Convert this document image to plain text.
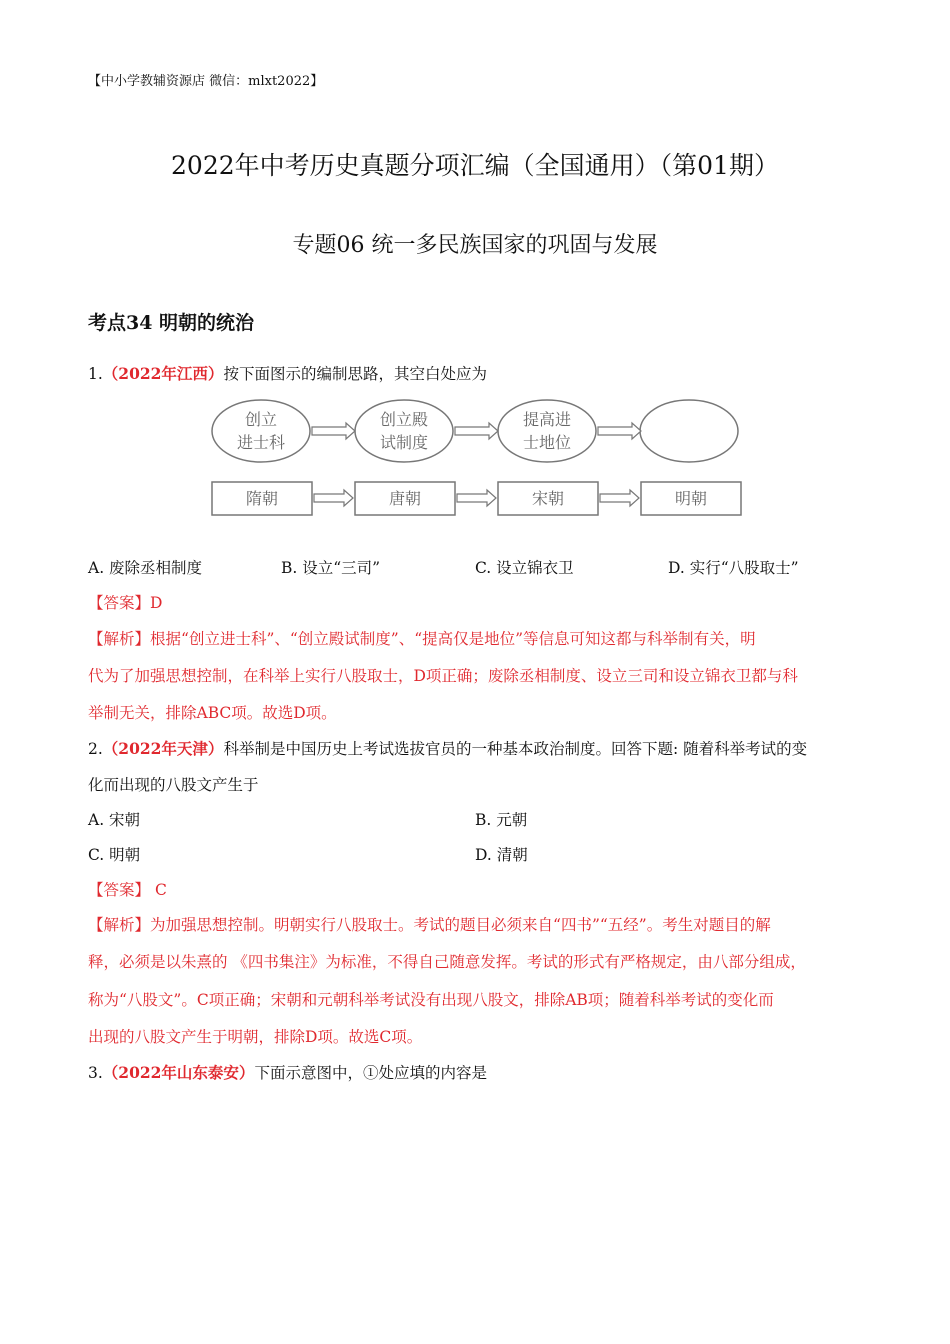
【中小学教辅资源店 微信：mlxt2022】
2022年中考历史真题分项汇编（全国通用）（第01期）
专题06 统一多民族国家的巩固与发展
考点34 明朝的统治
1.（2022年江西）按下面图示的编制思路，其空白处应为
创立
进士科
创立殿
试制度
提高进
士地位
隋朝	唐朝	宋朝	明朝
A. 废除丞相制度	B. 设立“三司”	C. 设立锦衣卫	D. 实行“八股取士”
【答案】D
【解析】根据“创立进士科”、“创立殿试制度”、“提高仅是地位”等信息可知这都与科举制有关，明
代为了加强思想控制，在科举上实行八股取士，D项正确；废除丞相制度、设立三司和设立锦衣卫都与科
举制无关，排除ABC项。故选D项。
2.（2022年天津）科举制是中国历史上考试选拔官员的一种基本政治制度。回答下题: 随着科举考试的变
化而出现的八股文产生于
A. 宋朝	B. 元朝
C. 明朝	D. 清朝
【答案】 C
【解析】为加强思想控制。明朝实行八股取士。考试的题目必须来自“四书”“五经”。考生对题目的解
释，必须是以朱熹的 《四书集注》为标准，不得自己随意发挥。考试的形式有严格规定，由八部分组成，
称为“八股文”。C项正确；宋朝和元朝科举考试没有出现八股文，排除AB项；随着科举考试的变化而
出现的八股文产生于明朝，排除D项。故选C项。
3.（2022年山东泰安）下面示意图中，①处应填的内容是
